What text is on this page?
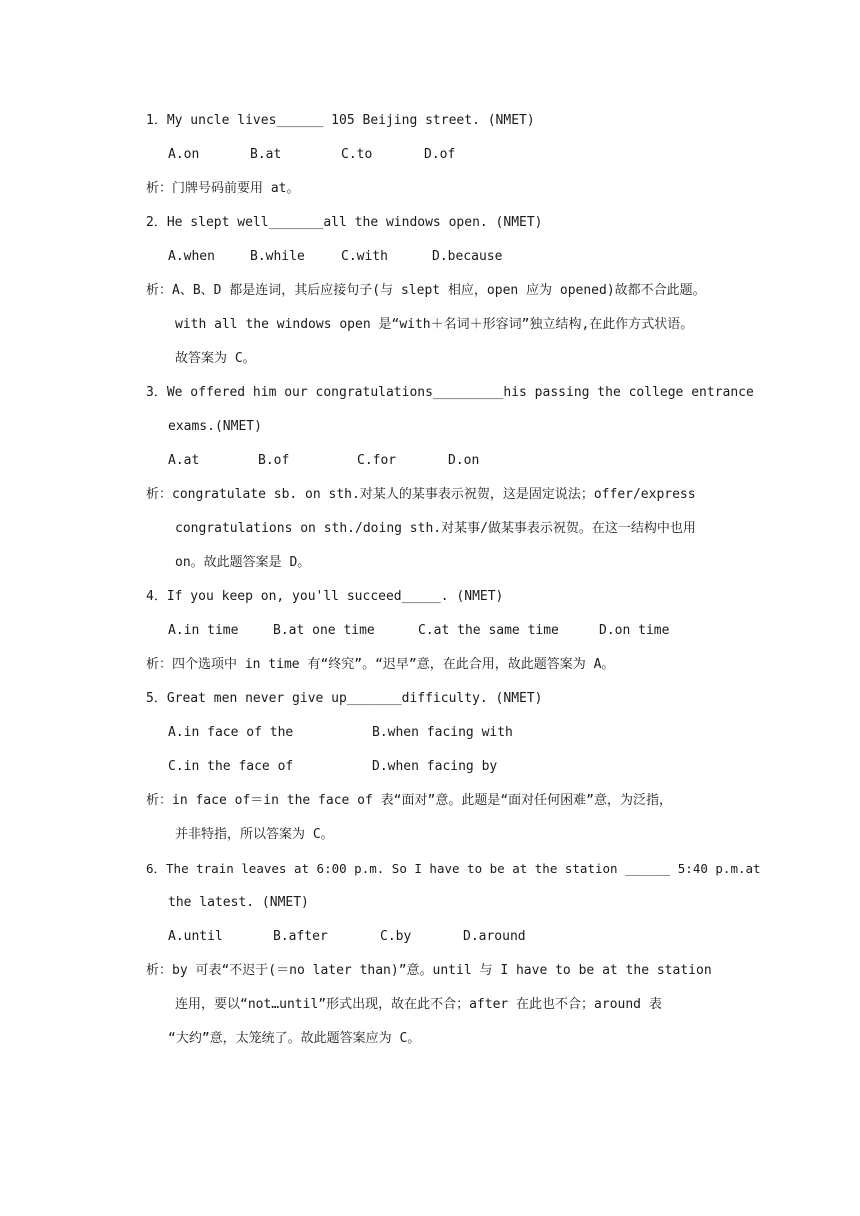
1．My uncle lives______ 105 Beijing street. (NMET)

A.on

	B.at

	C.to

	D.of

析：门牌号码前要用 at。
2．He slept well_______all the windows open. (NMET)

A.when

	B.while

	C.with

	D.because

析：A、B、D 都是连词，其后应接句子(与 slept 相应，open 应为 opened)故都不合此题。
with all the windows open 是“with＋名词＋形容词”独立结构,在此作方式状语。
故答案为 C。
3．We offered him our congratulations_________his passing the college entrance
exams.(NMET)

A.at

	B.of

	C.for

	D.on

析：congratulate sb. on sth.对某人的某事表示祝贺，这是固定说法；offer/express
congratulations on sth./doing sth.对某事/做某事表示祝贺。在这一结构中也用
on。故此题答案是 D。
4．If you keep on, you'll succeed_____. (NMET)

A.in time

	B.at one time

	C.at the same time

	D.on time

析：四个选项中 in time 有“终究”。“迟早”意，在此合用，故此题答案为 A。
5．Great men never give up_______difficulty. (NMET)

A.in face of the

	B.when facing with

C.in the face of

	D.when facing by

析：in face of＝in the face of 表“面对”意。此题是“面对任何困难”意，为泛指，
并非特指，所以答案为 C。
6．The train leaves at 6:00 p.m. So I have to be at the station ______ 5:40 p.m.at
the latest. (NMET)

A.until

	B.after

	C.by

	D.around

析：by 可表“不迟于(＝no later than)”意。until 与 I have to be at the station
连用，要以“not…until”形式出现，故在此不合；after 在此也不合；around 表
“大约”意，太笼统了。故此题答案应为 C。
